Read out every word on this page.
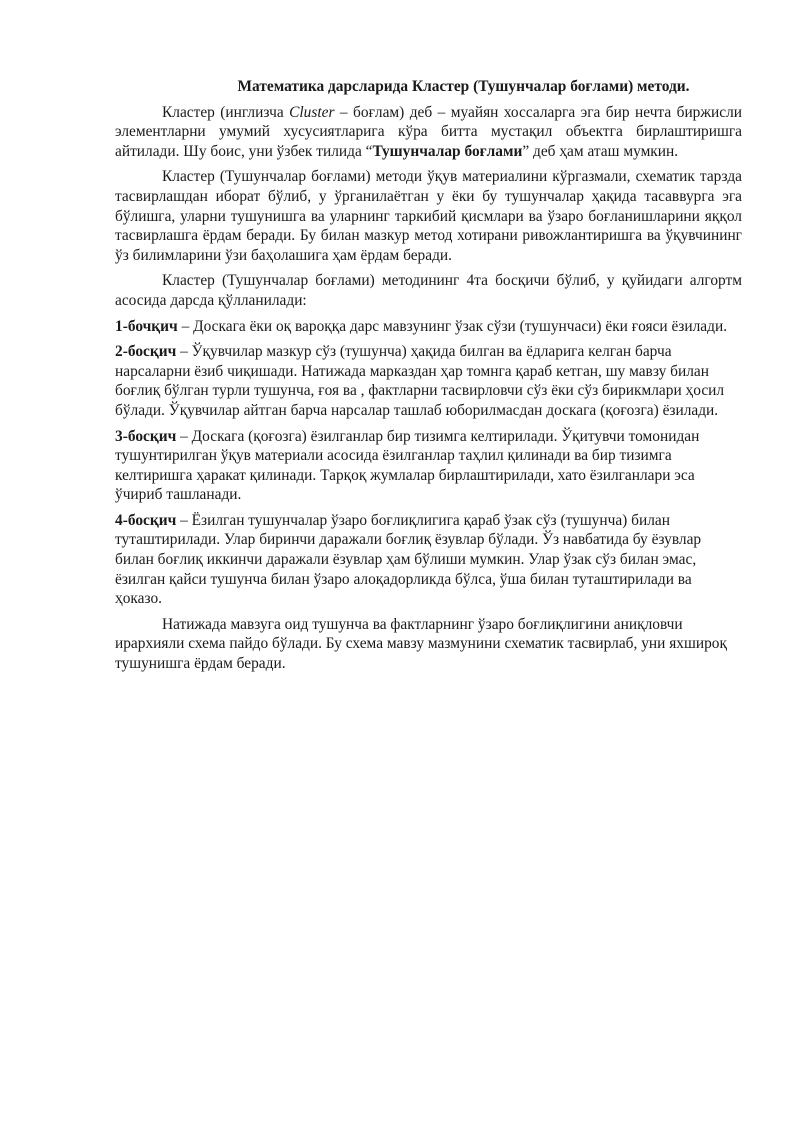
Математика дарсларида Кластер (Тушунчалар боғлами) методи.

Кластер (инглизча Cluster – боғлам) деб – муайян хоссаларга эга бир нечта биржисли элементларни умумий хусусиятларига кўра битта мустақил объектга бирлаштиришга айтилади. Шу боис, уни ўзбек тилида “Тушунчалар боғлами” деб ҳам аташ мумкин.

Кластер (Тушунчалар боғлами) методи ўқув материалини кўргазмали, схематик тарзда тасвирлашдан иборат бўлиб, у ўрганилаётган у ёки бу тушунчалар ҳақида тасаввурга эга бўлишга, уларни тушунишга ва уларнинг таркибий қисмлари ва ўзаро боғланишларини яққол тасвирлашга ёрдам беради. Бу билан мазкур метод хотирани ривожлантиришга ва ўқувчининг ўз билимларини ўзи баҳолашига ҳам ёрдам беради.

Кластер (Тушунчалар боғлами) методининг 4та босқичи бўлиб, у қуйидаги алгортм асосида дарсда қўлланилади:

1-бочқич – Доскага ёки оқ вароққа дарс мавзунинг ўзак сўзи (тушунчаси) ёки ғояси ёзилади.

2-босқич – Ўқувчилар мазкур сўз (тушунча) ҳақида билган ва ёдларига келган барча нарсаларни ёзиб чиқишади. Натижада марказдан ҳар томнга қараб кетган, шу мавзу билан боғлиқ бўлган турли тушунча, ғоя ва , фактларни тасвирловчи сўз ёки сўз бирикмлари ҳосил бўлади. Ўқувчилар айтган барча нарсалар ташлаб юборилмасдан доскага (қоғозга) ёзилади.

3-босқич – Доскага (қоғозга) ёзилганлар бир тизимга келтирилади. Ўқитувчи томонидан тушунтирилган ўқув материали асосида ёзилганлар таҳлил қилинади ва бир тизимга келтиришга ҳаракат қилинади. Тарқоқ жумлалар бирлаштирилади, хато ёзилганлари эса ўчириб ташланади.

4-босқич – Ёзилган тушунчалар ўзаро боғлиқлигига қараб ўзак сўз (тушунча) билан туташтирилади. Улар биринчи даражали боғлиқ ёзувлар бўлади. Ўз навбатида бу ёзувлар билан боғлиқ иккинчи даражали ёзувлар ҳам бўлиши мумкин. Улар ўзак сўз билан эмас, ёзилган қайси тушунча билан ўзаро алоқадорликда бўлса, ўша билан туташтирилади ва ҳоказо.

Натижада мавзуга оид тушунча ва фактларнинг ўзаро боғлиқлигини аниқловчи ирархияли схема пайдо бўлади. Бу схема мавзу мазмунини схематик тасвирлаб, уни яхшироқ тушунишга ёрдам беради.
